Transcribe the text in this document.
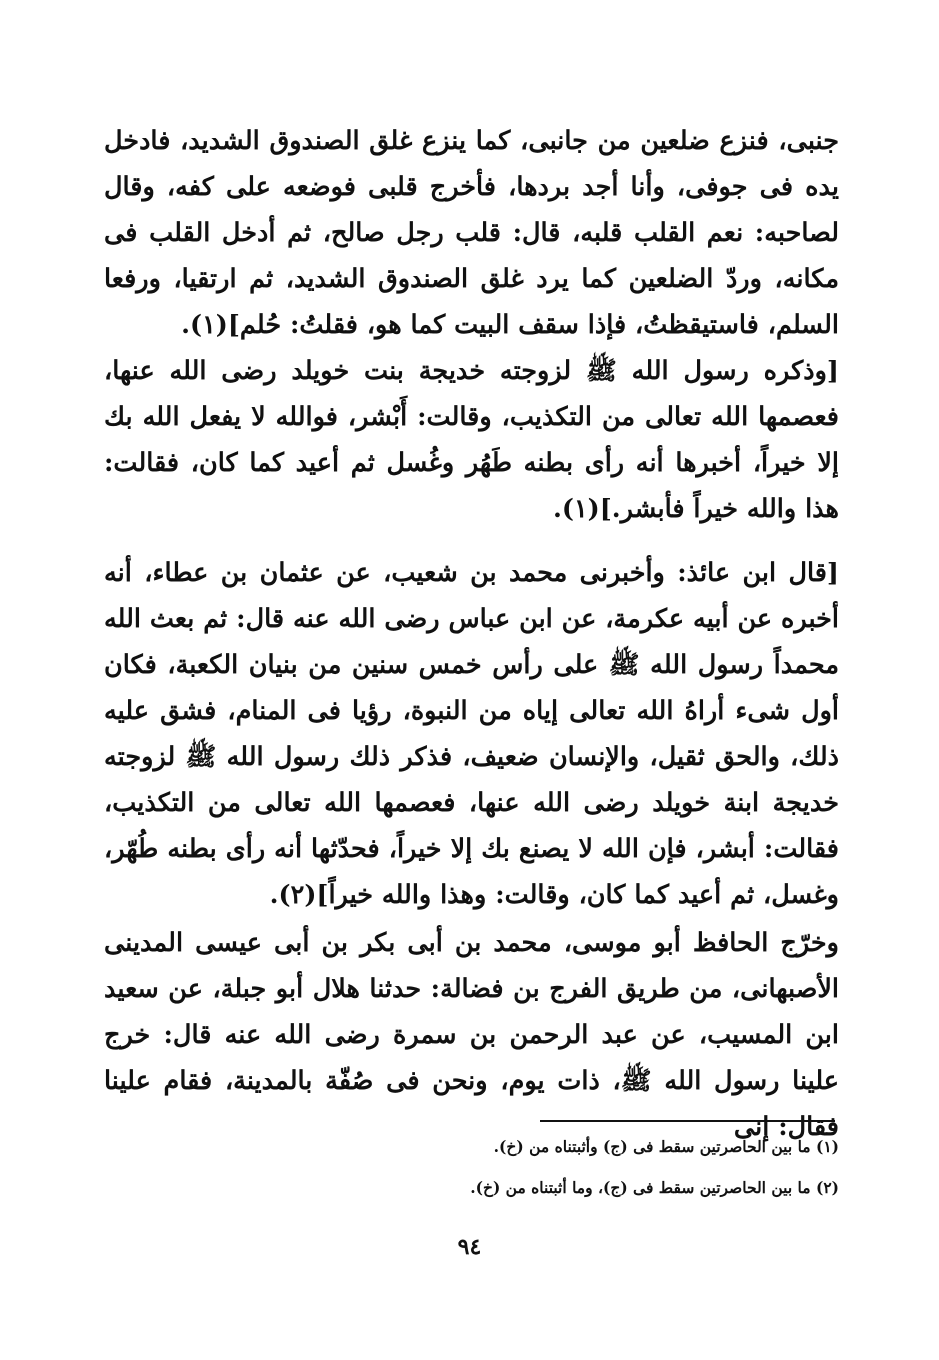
جنبى، فنزع ضلعين من جانبى، كما ينزع غلق الصندوق الشديد، فادخل يده فى جوفى، وأنا أجد بردها، فأخرج قلبى فوضعه على كفه، وقال لصاحبه: نعم القلب قلبه، قال: قلب رجل صالح، ثم أدخل القلب فى مكانه، وردّ الضلعين كما يرد غلق الصندوق الشديد، ثم ارتقيا، ورفعا السلم، فاستيقظتُ، فإذا سقف البيت كما هو، فقلتُ: حُلم](١).

[وذكره رسول الله ﷺ لزوجته خديجة بنت خويلد رضى الله عنها، فعصمها الله تعالى من التكذيب، وقالت: أَبْشر، فوالله لا يفعل الله بك إلا خيراً، أخبرها أنه رأى بطنه طَهُر وغُسل ثم أعيد كما كان، فقالت: هذا والله خيراً فأبشر.](١).

[قال ابن عائذ: وأخبرنى محمد بن شعيب، عن عثمان بن عطاء، أنه أخبره عن أبيه عكرمة، عن ابن عباس رضى الله عنه قال: ثم بعث الله محمداً رسول الله ﷺ على رأس خمس سنين من بنيان الكعبة، فكان أول شىء أراهُ الله تعالى إياه من النبوة، رؤيا فى المنام، فشق عليه ذلك، والحق ثقيل، والإنسان ضعيف، فذكر ذلك رسول الله ﷺ لزوجته خديجة ابنة خويلد رضى الله عنها، فعصمها الله تعالى من التكذيب، فقالت: أبشر، فإن الله لا يصنع بك إلا خيراً، فحدّثها أنه رأى بطنه طُهّر، وغسل، ثم أعيد كما كان، وقالت: وهذا والله خيراً](٢).

وخرّج الحافظ أبو موسى، محمد بن أبى بكر بن أبى عيسى المدينى الأصبهانى، من طريق الفرج بن فضالة: حدثنا هلال أبو جبلة، عن سعيد ابن المسيب، عن عبد الرحمن بن سمرة رضى الله عنه قال: خرج علينا رسول الله ﷺ، ذات يوم، ونحن فى صُفّة بالمدينة، فقام علينا فقال: إنى

(١) ما بين الحاصرتين سقط فى (ج) وأثبتناه من (خ).
(٢) ما بين الحاصرتين سقط فى (ج)، وما أثبتناه من (خ).
٩٤
